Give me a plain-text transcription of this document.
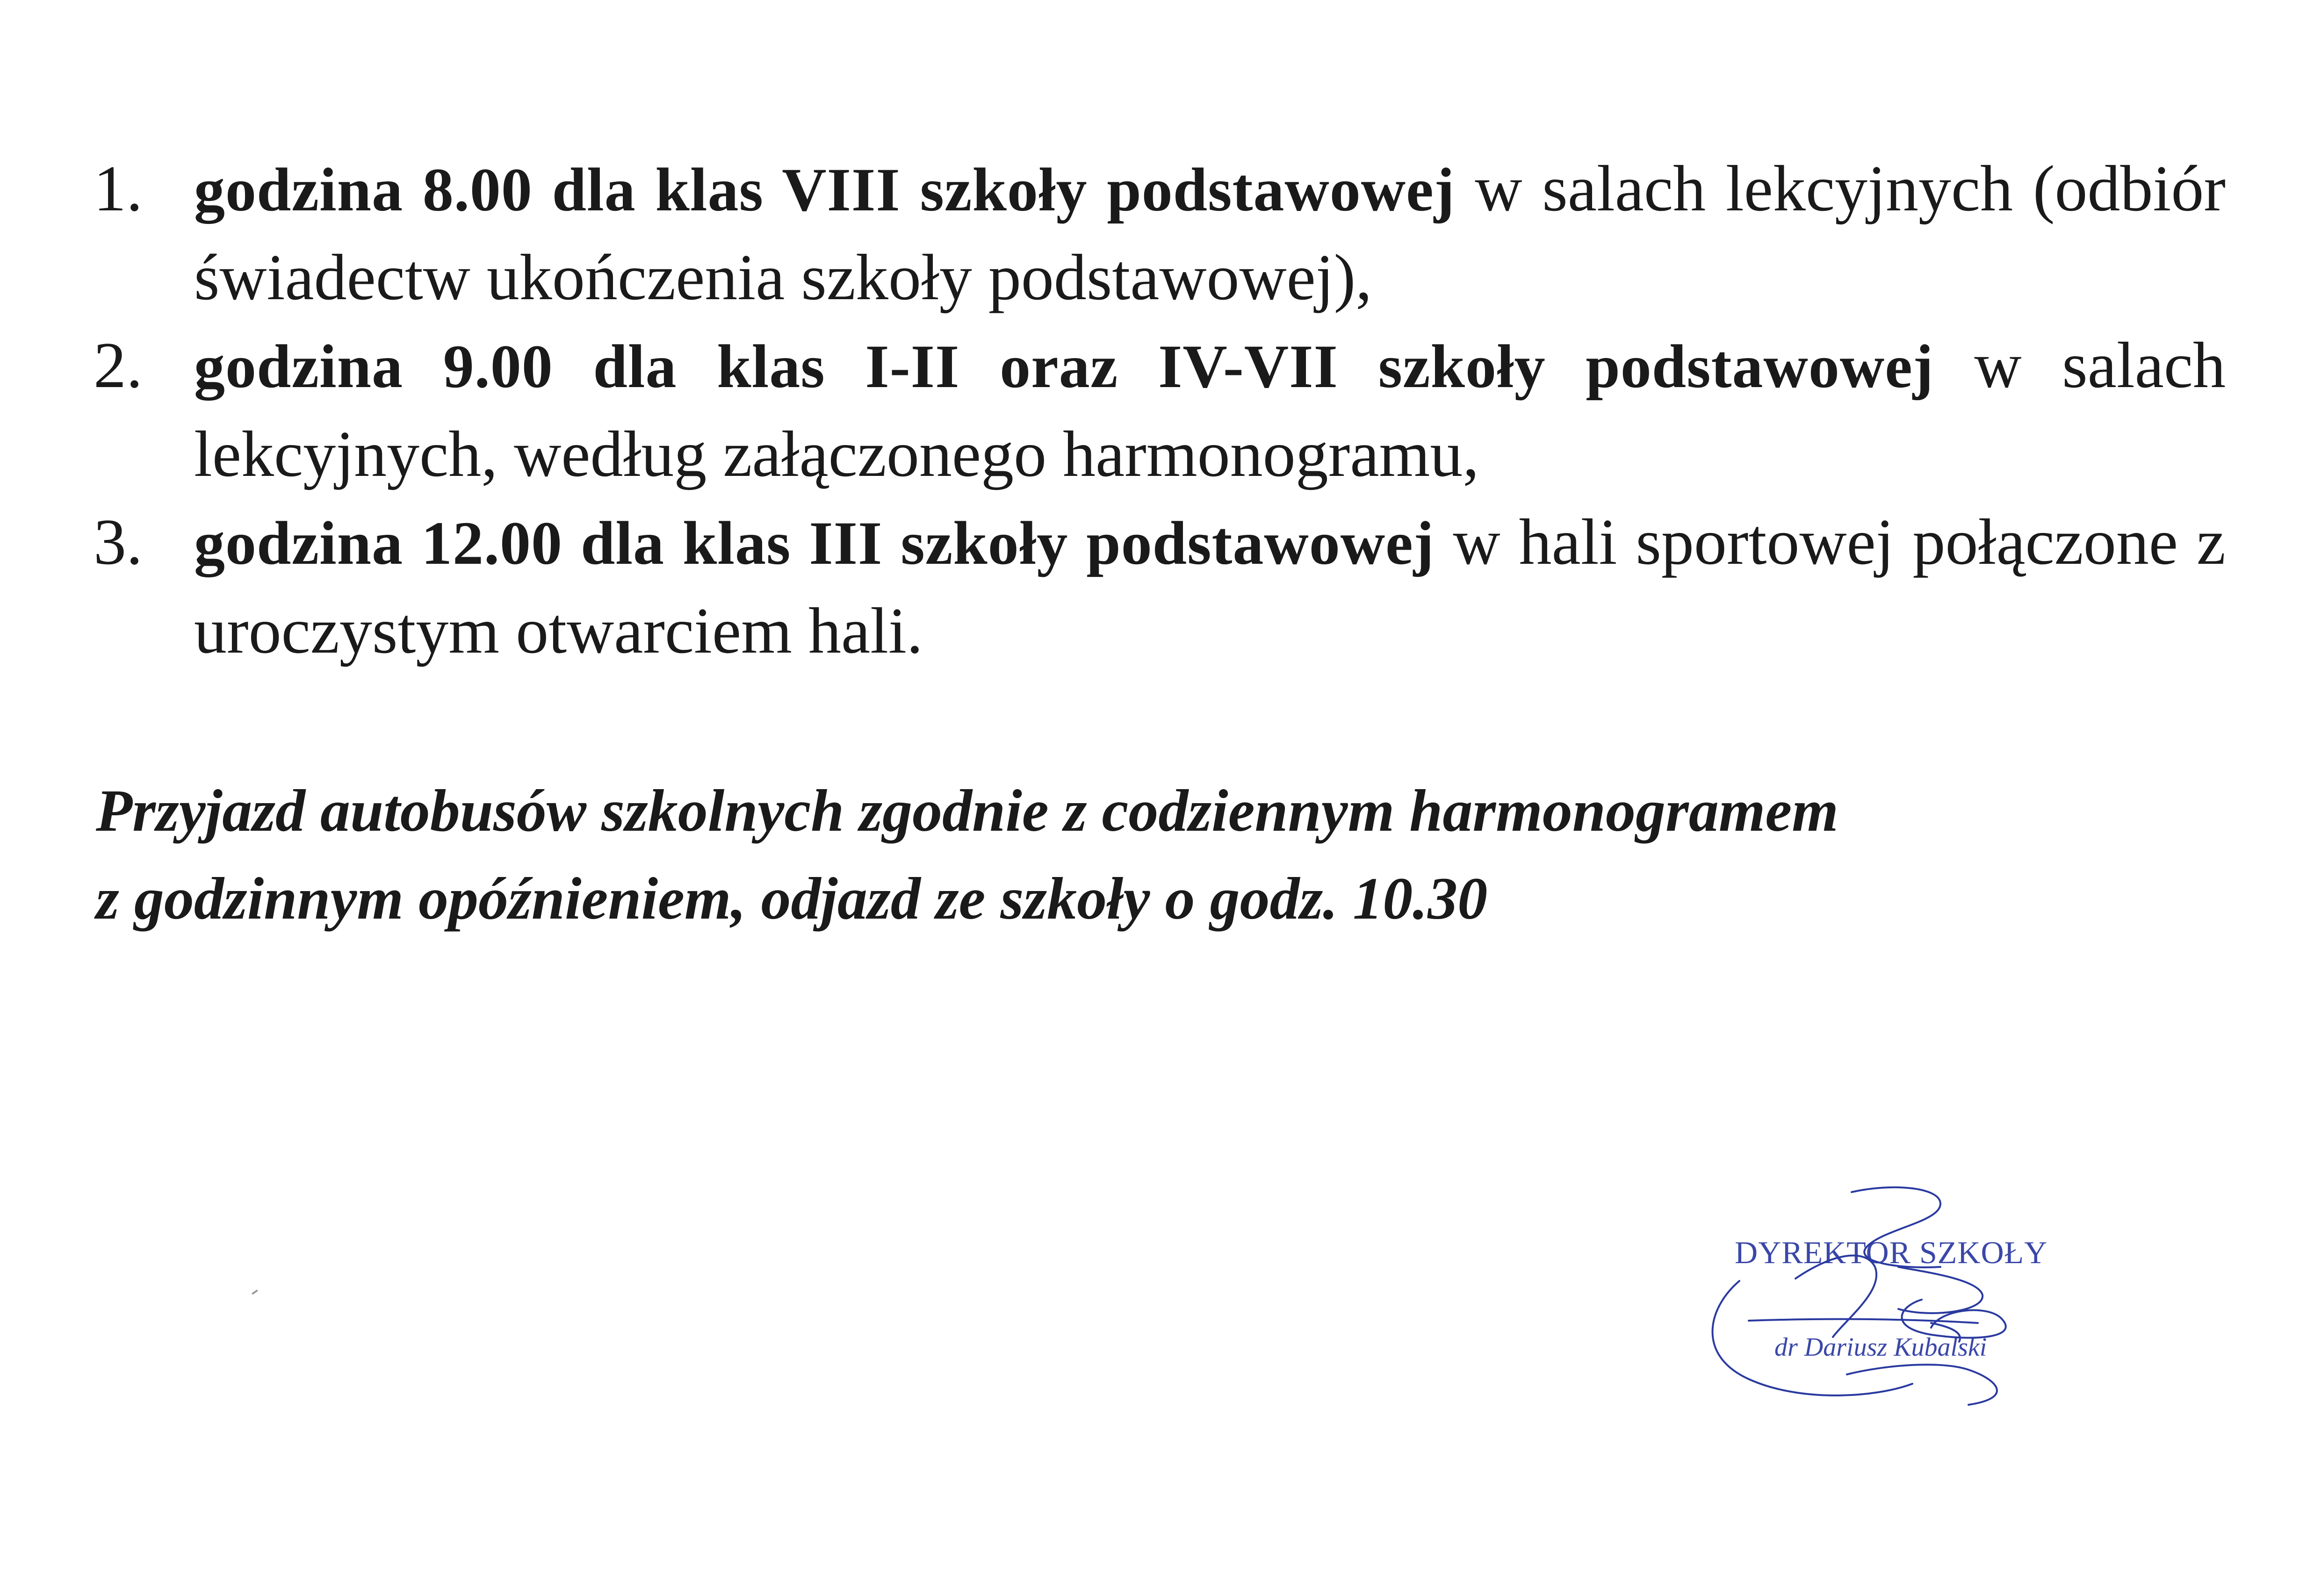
1. godzina 8.00 dla klas VIII szkoły podstawowej w salach lekcyjnych (odbiór świadectw ukończenia szkoły podstawowej),
2. godzina 9.00 dla klas I-II oraz IV-VII szkoły podstawowej w salach lekcyjnych, według załączonego harmonogramu,
3. godzina 12.00 dla klas III szkoły podstawowej w hali sportowej połączone z uroczystym otwarciem hali.
Przyjazd autobusów szkolnych zgodnie z codziennym harmonogramem
z godzinnym opóźnieniem, odjazd ze szkoły o godz. 10.30
DYREKTOR SZKOŁY
dr Dariusz Kubalski
